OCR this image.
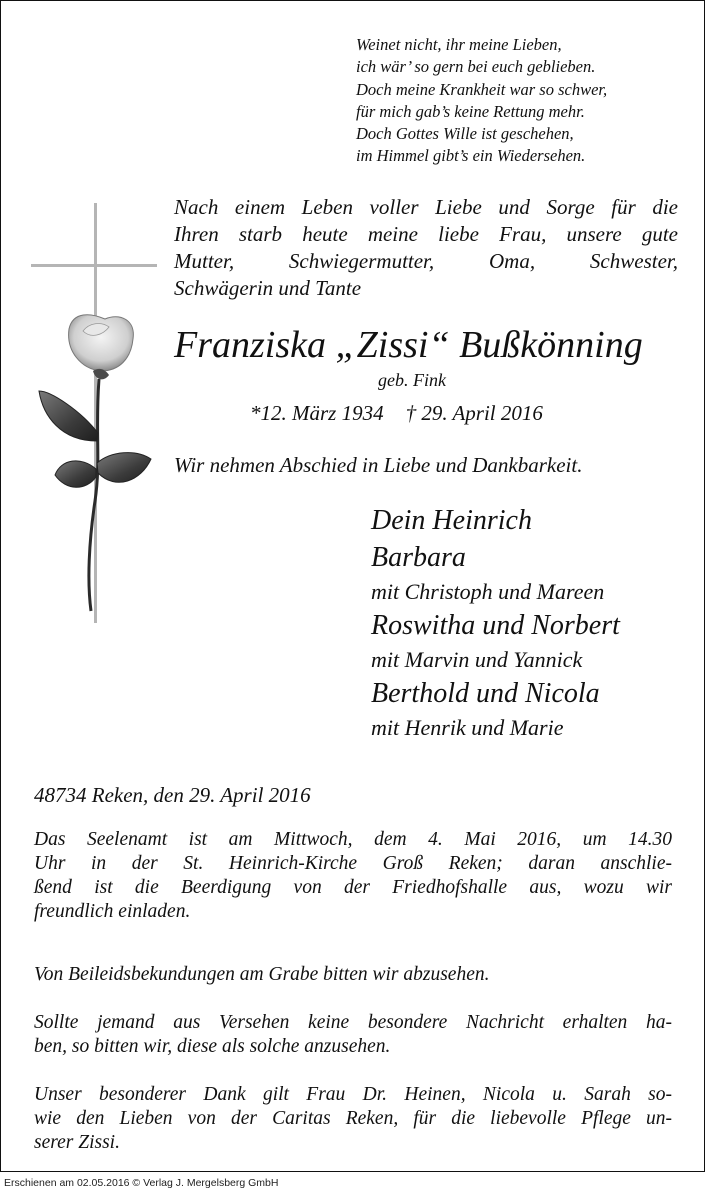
Weinet nicht, ihr meine Lieben,
ich wär’ so gern bei euch geblieben.
Doch meine Krankheit war so schwer,
für mich gab’s keine Rettung mehr.
Doch Gottes Wille ist geschehen,
im Himmel gibt’s ein Wiedersehen.
Nach einem Leben voller Liebe und Sorge für die
Ihren starb heute meine liebe Frau, unsere gute
Mutter, Schwiegermutter, Oma, Schwester,
Schwägerin und Tante
Franziska „Zissi“ Bußkönning
geb. Fink
*12. März 1934 † 29. April 2016
Wir nehmen Abschied in Liebe und Dankbarkeit.
Dein Heinrich
Barbara
mit Christoph und Mareen
Roswitha und Norbert
mit Marvin und Yannick
Berthold und Nicola
mit Henrik und Marie
48734 Reken, den 29. April 2016
Das Seelenamt ist am Mittwoch, dem 4. Mai 2016, um 14.30
Uhr in der St. Heinrich-Kirche Groß Reken; daran anschlie-
ßend ist die Beerdigung von der Friedhofshalle aus, wozu wir
freundlich einladen.
Von Beileidsbekundungen am Grabe bitten wir abzusehen.
Sollte jemand aus Versehen keine besondere Nachricht erhalten ha-
ben, so bitten wir, diese als solche anzusehen.
Unser besonderer Dank gilt Frau Dr. Heinen, Nicola u. Sarah so-
wie den Lieben von der Caritas Reken, für die liebevolle Pflege un-
serer Zissi.
Erschienen am 02.05.2016 © Verlag J. Mergelsberg GmbH
